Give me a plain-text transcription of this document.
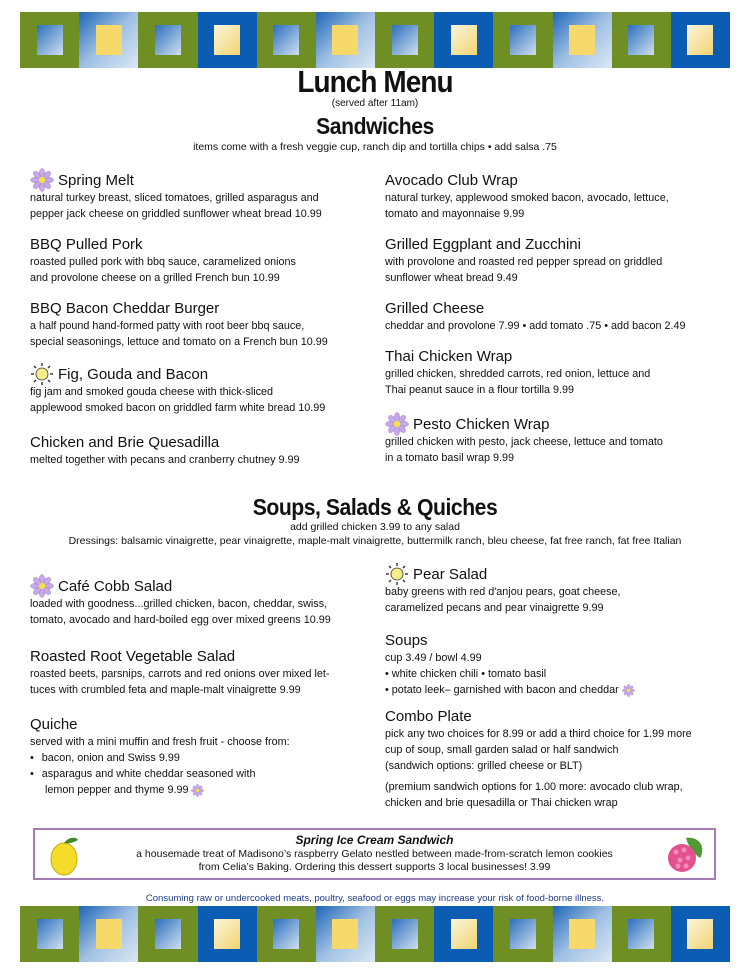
Lunch Menu
(served after 11am)
Sandwiches
items come with a fresh veggie cup, ranch dip and tortilla chips • add salsa .75
Spring Melt

natural turkey breast, sliced tomatoes, grilled asparagus and

pepper jack cheese on griddled sunflower wheat bread 10.99

BBQ Pulled Pork

roasted pulled pork with bbq sauce, caramelized onions

and provolone cheese on a grilled French bun 10.99

BBQ Bacon Cheddar Burger

a half pound hand-formed patty with root beer bbq sauce,

special seasonings, lettuce and tomato on a French bun 10.99

Fig, Gouda and Bacon

fig jam and smoked gouda cheese with thick-sliced

applewood smoked bacon on griddled farm white bread 10.99

Chicken and Brie Quesadilla

melted together with pecans and cranberry chutney 9.99

Avocado Club Wrap

natural turkey, applewood smoked bacon, avocado, lettuce,

tomato and mayonnaise 9.99

Grilled Eggplant and Zucchini

with provolone and roasted red pepper spread on griddled

sunflower wheat bread 9.49

Grilled Cheese

cheddar and provolone 7.99 • add tomato .75 • add bacon 2.49

Thai Chicken Wrap

grilled chicken, shredded carrots, red onion, lettuce and

Thai peanut sauce in a flour tortilla 9.99

Pesto Chicken Wrap

grilled chicken with pesto, jack cheese, lettuce and tomato

in a tomato basil wrap 9.99

Soups, Salads & Quiches
add grilled chicken 3.99 to any salad
Dressings: balsamic vinaigrette, pear vinaigrette, maple-malt vinaigrette, buttermilk ranch, bleu cheese, fat free ranch, fat free Italian
Café Cobb Salad

loaded with goodness...grilled chicken, bacon, cheddar, swiss,

tomato, avocado and hard-boiled egg over mixed greens 10.99

Roasted Root Vegetable Salad

roasted beets, parsnips, carrots and red onions over mixed let-

tuces with crumbled feta and maple-malt vinaigrette 9.99

Quiche

served with a mini muffin and fresh fruit - choose from:

• bacon, onion and Swiss 9.99

• asparagus and white cheddar seasoned with

lemon pepper and thyme 9.99

Pear Salad

baby greens with red d'anjou pears, goat cheese,

caramelized pecans and pear vinaigrette 9.99

Soups

cup 3.49 / bowl 4.99

• white chicken chili • tomato basil

• potato leek– garnished with bacon and cheddar

Combo Plate

pick any two choices for 8.99 or add a third choice for 1.99 more

cup of soup, small garden salad or half sandwich

(sandwich options: grilled cheese or BLT)

(premium sandwich options for 1.00 more: avocado club wrap,

chicken and brie quesadilla or Thai chicken wrap

Spring Ice Cream Sandwich

a housemade treat of Madisono’s raspberry Gelato nestled between made-from-scratch lemon cookies

from Celia’s Baking. Ordering this dessert supports 3 local businesses! 3.99

Consuming raw or undercooked meats, poultry, seafood or eggs may increase your risk of food-borne illness.
